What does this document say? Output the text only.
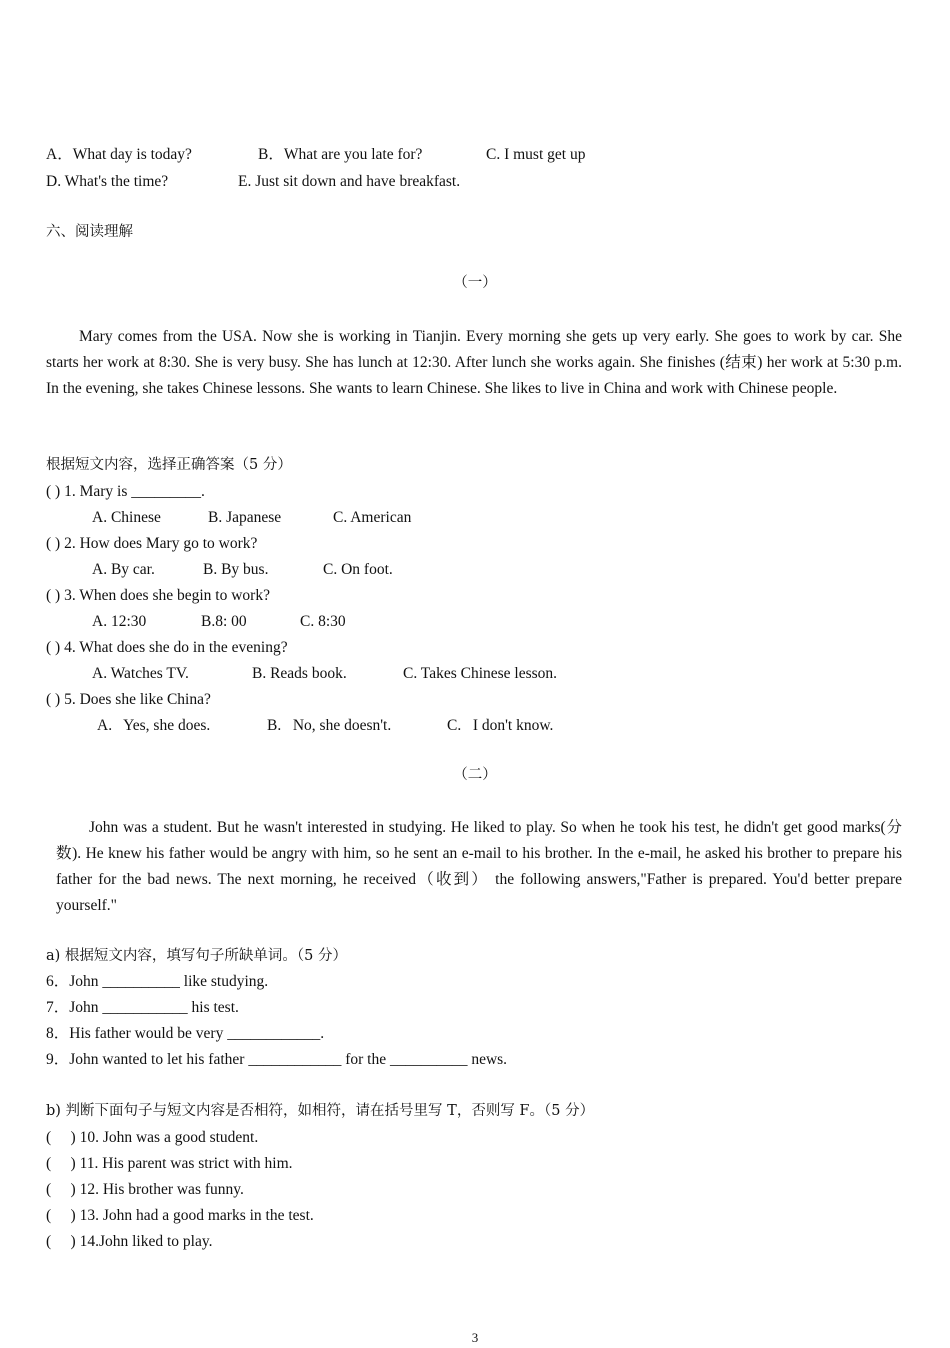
A．What day is today?	B．What are you late for?	C. I must get up
D. What's the time?	E. Just sit down and have breakfast.
六、阅读理解
（一）

Mary comes from the USA. Now she is working in Tianjin. Every morning she gets up very early. She goes to work by car. She starts her work at 8:30. She is very busy. She has lunch at 12:30. After lunch she works again. She finishes (结束) her work at 5:30 p.m. In the evening, she takes Chinese lessons. She wants to learn Chinese. She likes to live in China and work with Chinese people.

根据短文内容，选择正确答案（5 分）
( ) 1. Mary is _________.
A. Chinese	B. Japanese	C. American
( ) 2. How does Mary go to work?
A. By car.	B. By bus.	C. On foot.
( ) 3. When does she begin to work?
A. 12:30	B.8: 00	C. 8:30
( ) 4. What does she do in the evening?
A. Watches TV.	B. Reads book.	C. Takes Chinese lesson.
( ) 5. Does she like China?
A.   Yes, she does.	B.   No, she doesn't.	C.   I don't know.
（二）

John was a student. But he wasn't interested in studying. He liked to play. So when he took his test, he didn't get good marks(分数). He knew his father would be angry with him, so he sent an e-mail to his brother. In the e-mail, he asked his brother to prepare his father for the bad news. The next morning, he received（收到） the following answers,"Father is prepared. You'd better prepare yourself."

a) 根据短文内容，填写句子所缺单词。（5 分）
6．John __________ like studying.
7．John ___________ his test.
8．His father would be very ____________.
9．John wanted to let his father ____________ for the __________ news.
b) 判断下面句子与短文内容是否相符，如相符，请在括号里写 T，否则写 F。（5 分）
(     ) 10. John was a good student.
(     ) 11. His parent was strict with him.
(     ) 12. His brother was funny.
(     ) 13. John had a good marks in the test.
(     ) 14.John liked to play.
3
